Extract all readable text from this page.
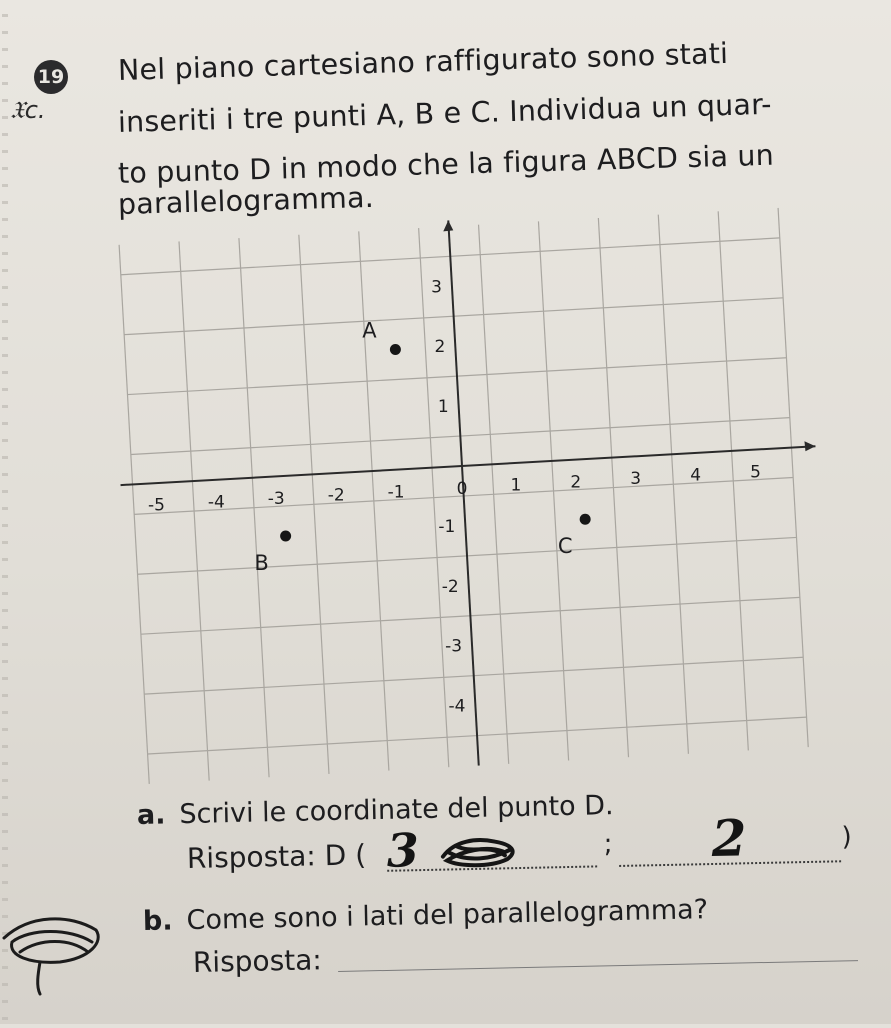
19
𝔛c.
Nel piano cartesiano raffigurato sono stati
inseriti i tre punti A, B e C. Individua un quar-
to punto D in modo che la figura ABCD sia un
parallelogramma.
-5	-4	-3	-2	-1	0	1	2	3	4	5
3
2
1
-1
-2
-3
-4
A
B
C
a. Scrivi le coordinate del punto D.
Risposta: D (	;	)
3	2
b. Come sono i lati del parallelogramma?
Risposta:
